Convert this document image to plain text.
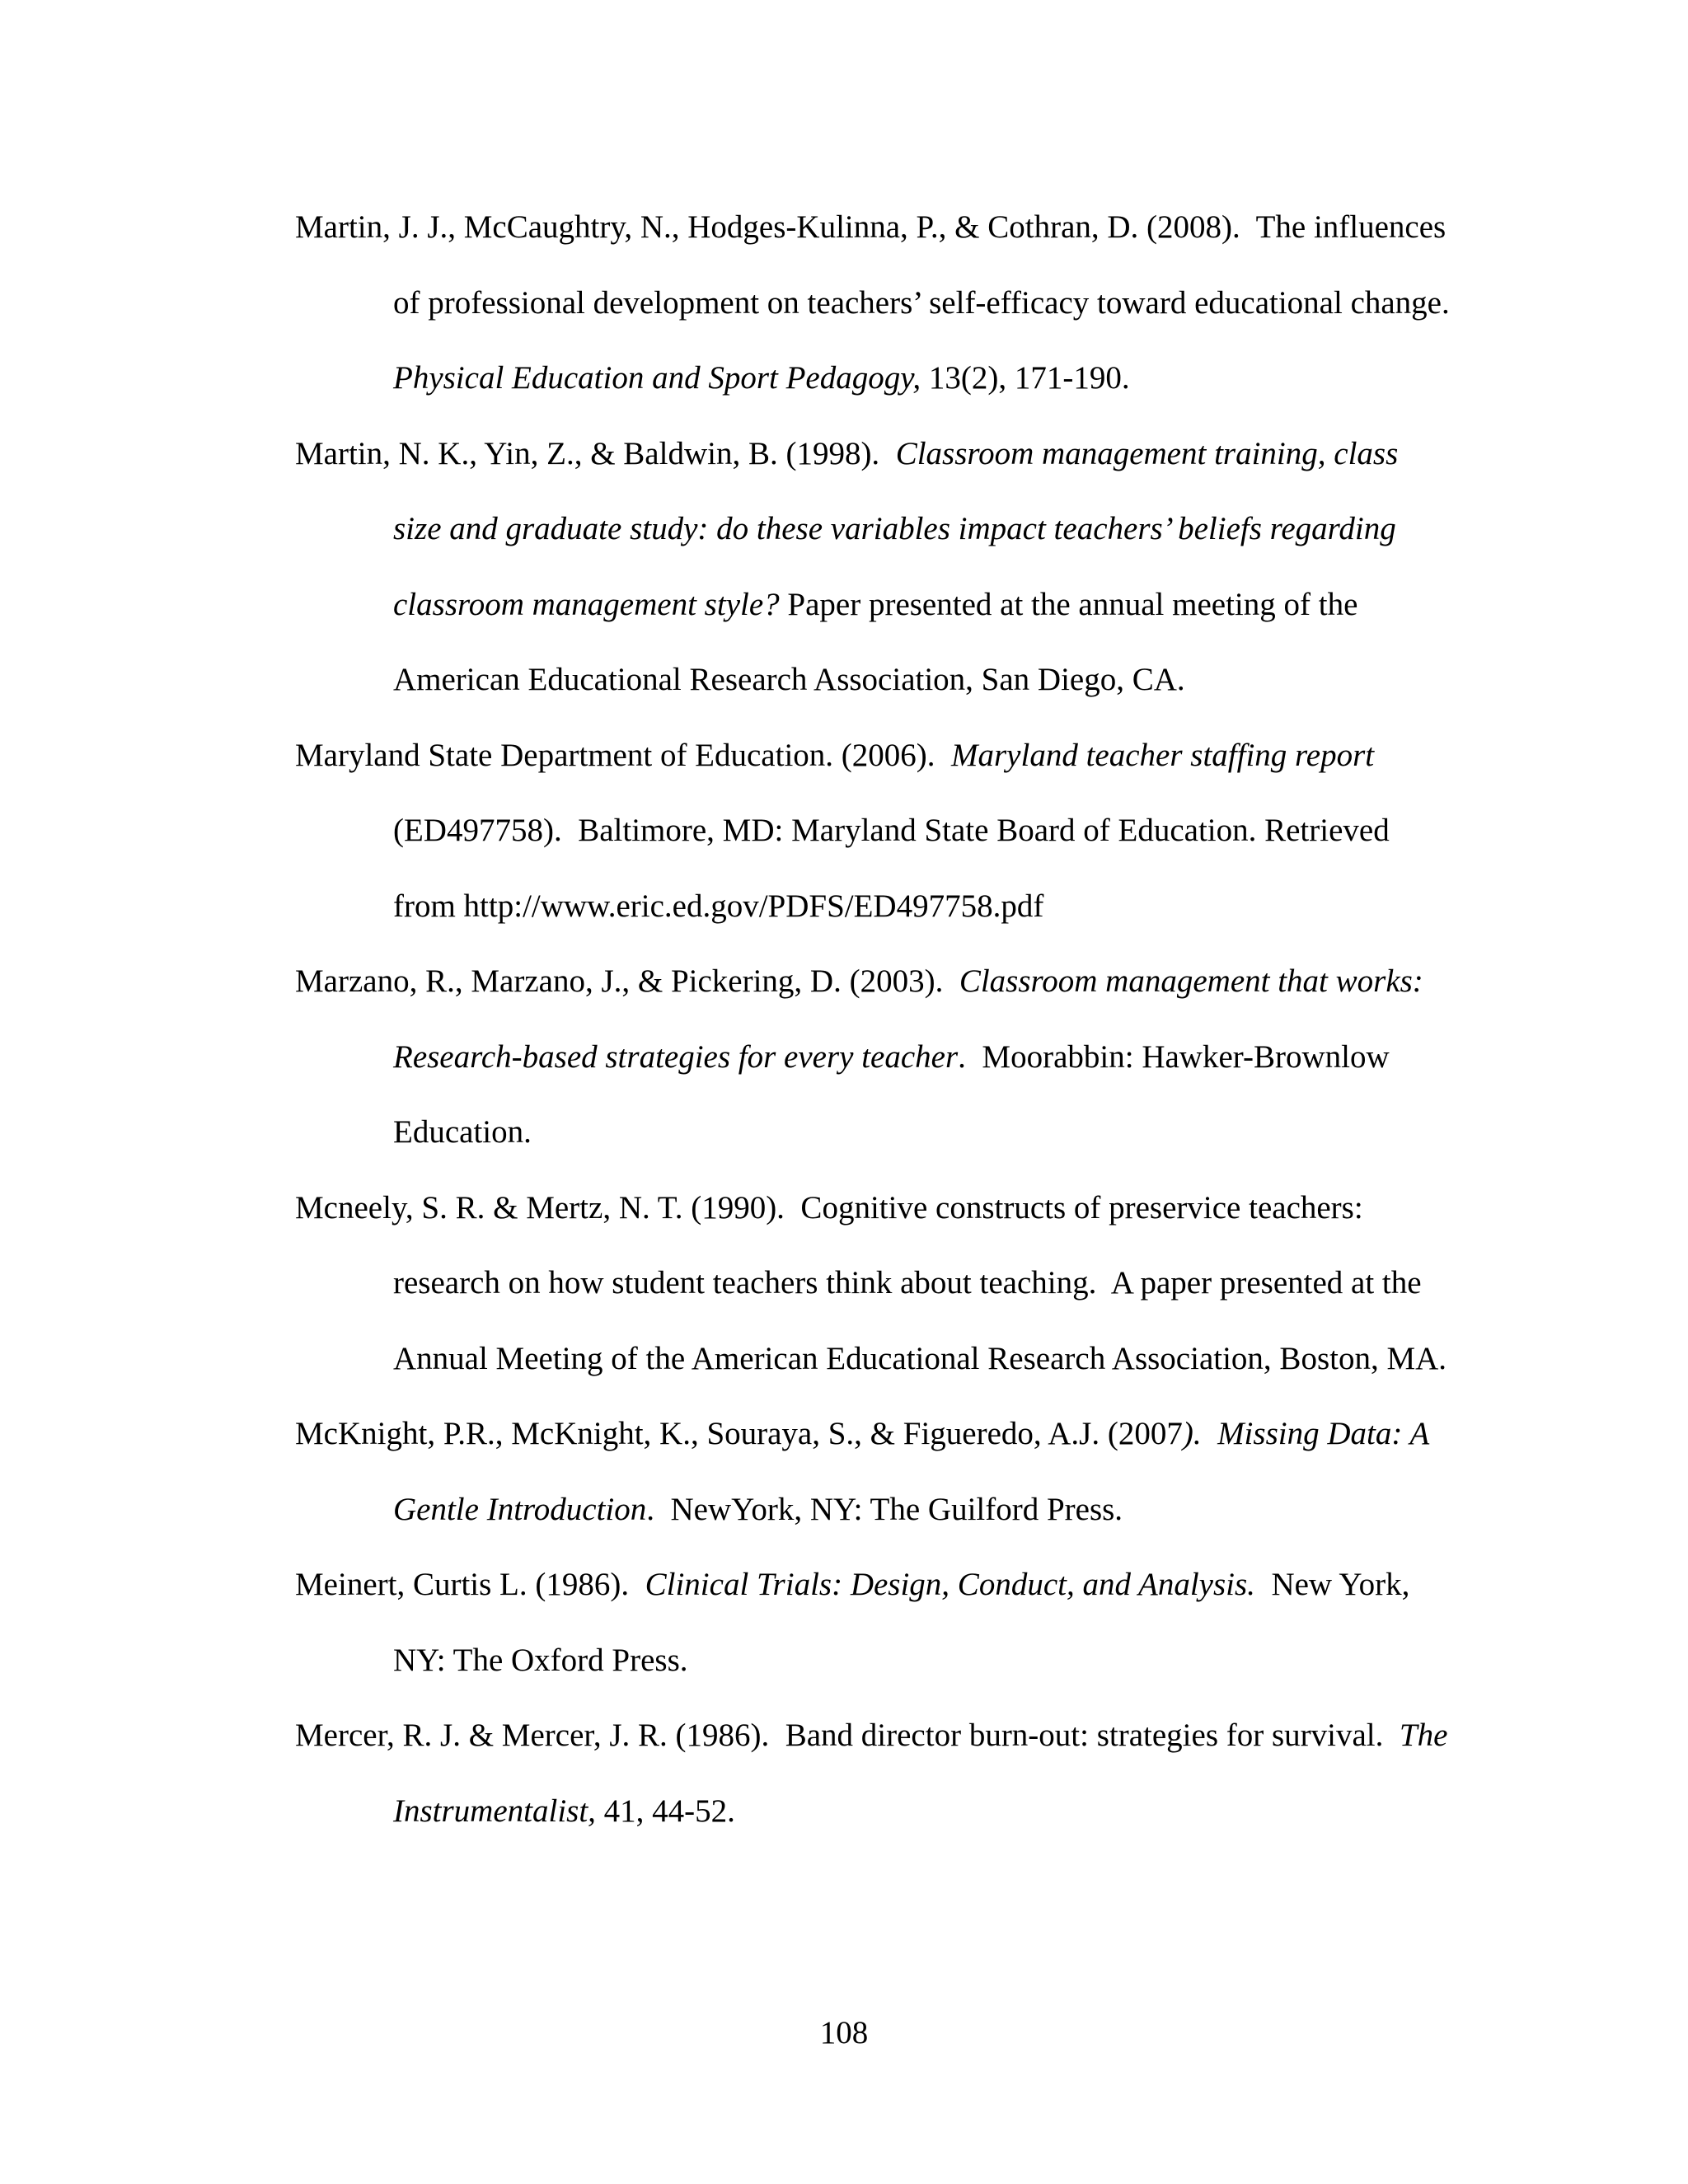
Martin, J. J., McCaughtry, N., Hodges-Kulinna, P., & Cothran, D. (2008).  The influences
of professional development on teachers’ self-efficacy toward educational change.
Physical Education and Sport Pedagogy, 13(2), 171-190.
Martin, N. K., Yin, Z., & Baldwin, B. (1998).  Classroom management training, class
size and graduate study: do these variables impact teachers’ beliefs regarding
classroom management style? Paper presented at the annual meeting of the
American Educational Research Association, San Diego, CA.
Maryland State Department of Education. (2006).  Maryland teacher staffing report
(ED497758).  Baltimore, MD: Maryland State Board of Education. Retrieved
from http://www.eric.ed.gov/PDFS/ED497758.pdf
Marzano, R., Marzano, J., & Pickering, D. (2003).  Classroom management that works:
Research-based strategies for every teacher.  Moorabbin: Hawker-Brownlow
Education.
Mcneely, S. R. & Mertz, N. T. (1990).  Cognitive constructs of preservice teachers:
research on how student teachers think about teaching.  A paper presented at the
Annual Meeting of the American Educational Research Association, Boston, MA.
McKnight, P.R., McKnight, K., Souraya, S., & Figueredo, A.J. (2007).  Missing Data: A
Gentle Introduction.  NewYork, NY: The Guilford Press.
Meinert, Curtis L. (1986).  Clinical Trials: Design, Conduct, and Analysis.  New York,
NY: The Oxford Press.
Mercer, R. J. & Mercer, J. R. (1986).  Band director burn-out: strategies for survival.  The
Instrumentalist, 41, 44-52.
108
